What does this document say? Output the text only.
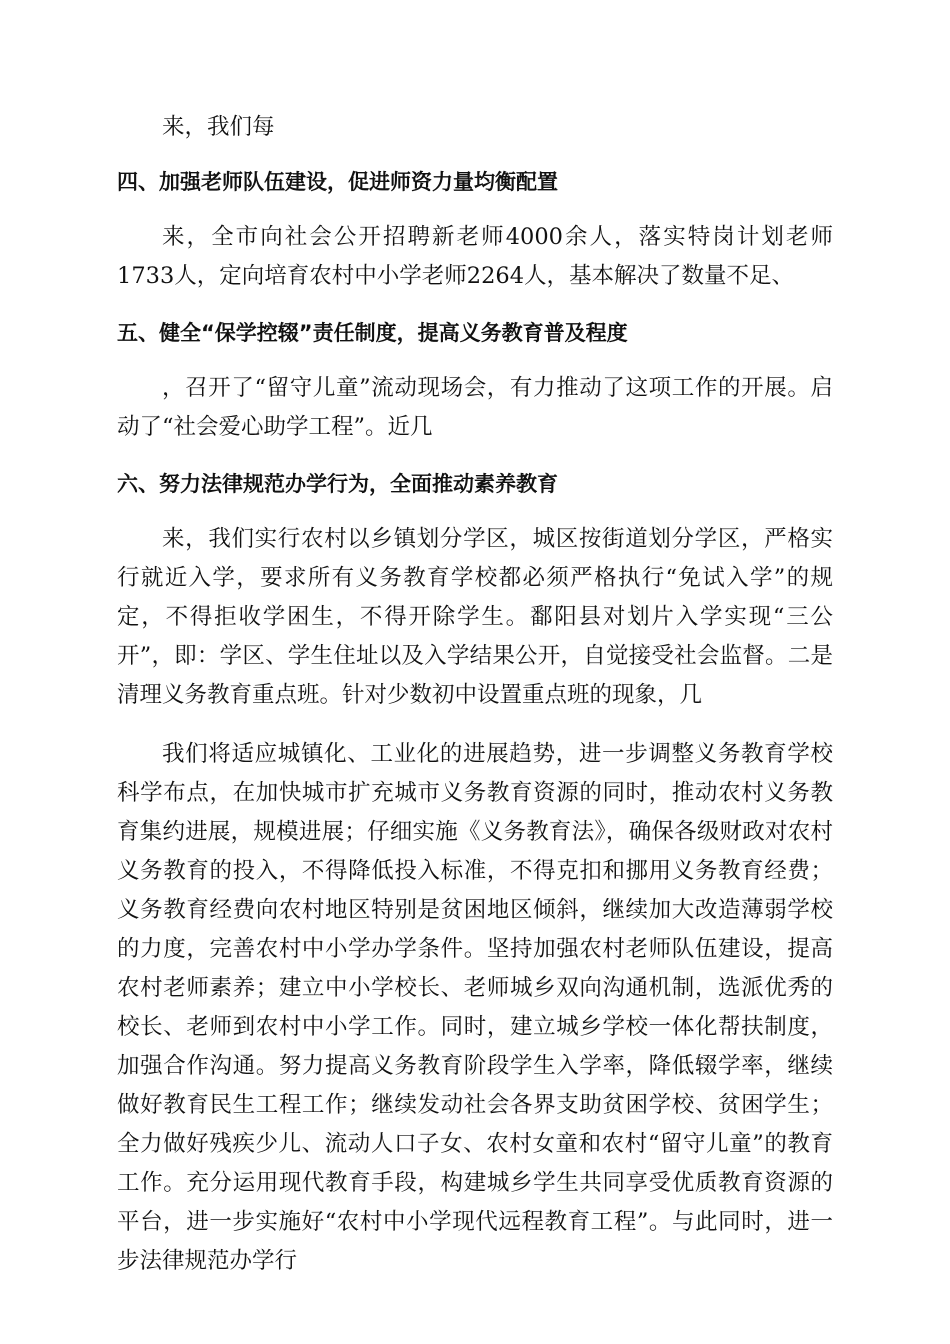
来，我们每

四、加强老师队伍建设，促进师资力量均衡配置

来，全市向社会公开招聘新老师4000余人，落实特岗计划老师1733人，定向培育农村中小学老师2264人，基本解决了数量不足、

五、健全“保学控辍”责任制度，提高义务教育普及程度

，召开了“留守儿童”流动现场会，有力推动了这项工作的开展。启动了“社会爱心助学工程”。近几

六、努力法律规范办学行为，全面推动素养教育

来，我们实行农村以乡镇划分学区，城区按街道划分学区，严格实行就近入学，要求所有义务教育学校都必须严格执行“免试入学”的规定，不得拒收学困生，不得开除学生。鄱阳县对划片入学实现“三公开”，即：学区、学生住址以及入学结果公开，自觉接受社会监督。二是清理义务教育重点班。针对少数初中设置重点班的现象，几

我们将适应城镇化、工业化的进展趋势，进一步调整义务教育学校科学布点，在加快城市扩充城市义务教育资源的同时，推动农村义务教育集约进展，规模进展；仔细实施《义务教育法》，确保各级财政对农村义务教育的投入，不得降低投入标准，不得克扣和挪用义务教育经费；义务教育经费向农村地区特别是贫困地区倾斜，继续加大改造薄弱学校的力度，完善农村中小学办学条件。坚持加强农村老师队伍建设，提高农村老师素养；建立中小学校长、老师城乡双向沟通机制，选派优秀的校长、老师到农村中小学工作。同时，建立城乡学校一体化帮扶制度，加强合作沟通。努力提高义务教育阶段学生入学率，降低辍学率，继续做好教育民生工程工作；继续发动社会各界支助贫困学校、贫困学生；全力做好残疾少儿、流动人口子女、农村女童和农村“留守儿童”的教育工作。充分运用现代教育手段，构建城乡学生共同享受优质教育资源的平台，进一步实施好“农村中小学现代远程教育工程”。与此同时，进一步法律规范办学行
